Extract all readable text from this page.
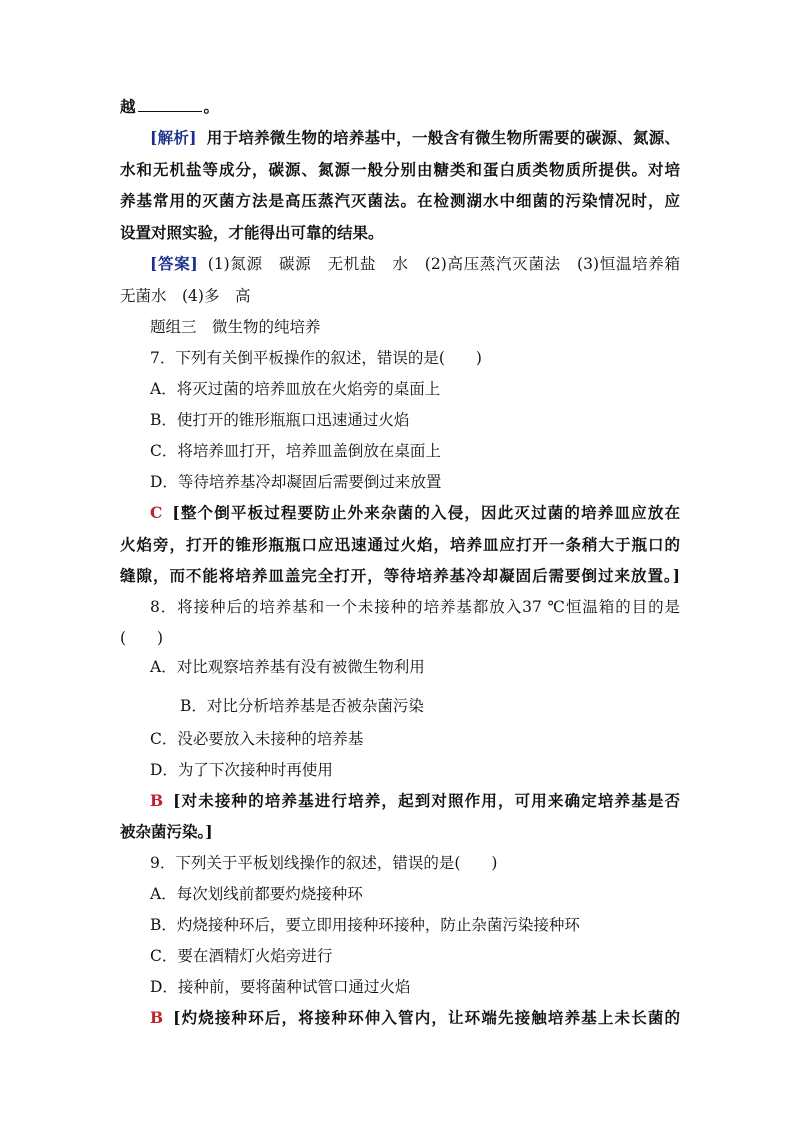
越	。
[解析] 用于培养微生物的培养基中，一般含有微生物所需要的碳源、氮源、
水和无机盐等成分，碳源、氮源一般分别由糖类和蛋白质类物质所提供。对培
养基常用的灭菌方法是高压蒸汽灭菌法。在检测湖水中细菌的污染情况时，应
设置对照实验，才能得出可靠的结果。
[答案] (1)氮源　碳源　无机盐　水　(2)高压蒸汽灭菌法　(3)恒温培养箱
无菌水　(4)多　高
题组三　微生物的纯培养
7．下列有关倒平板操作的叙述，错误的是(　　)
A．将灭过菌的培养皿放在火焰旁的桌面上
B．使打开的锥形瓶瓶口迅速通过火焰
C．将培养皿打开，培养皿盖倒放在桌面上
D．等待培养基冷却凝固后需要倒过来放置
C [整个倒平板过程要防止外来杂菌的入侵，因此灭过菌的培养皿应放在
火焰旁，打开的锥形瓶瓶口应迅速通过火焰，培养皿应打开一条稍大于瓶口的
缝隙，而不能将培养皿盖完全打开，等待培养基冷却凝固后需要倒过来放置。]
8．将接种后的培养基和一个未接种的培养基都放入37 ℃恒温箱的目的是
(　　)
A．对比观察培养基有没有被微生物利用
B．对比分析培养基是否被杂菌污染
C．没必要放入未接种的培养基
D．为了下次接种时再使用
B [对未接种的培养基进行培养，起到对照作用，可用来确定培养基是否
被杂菌污染。]
9．下列关于平板划线操作的叙述，错误的是(　　)
A．每次划线前都要灼烧接种环
B．灼烧接种环后，要立即用接种环接种，防止杂菌污染接种环
C．要在酒精灯火焰旁进行
D．接种前，要将菌种试管口通过火焰
B [灼烧接种环后，将接种环伸入管内，让环端先接触培养基上未长菌的
